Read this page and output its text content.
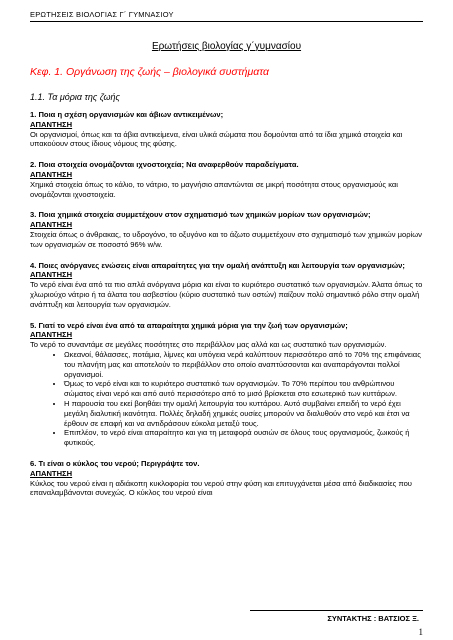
ΕΡΩΤΗΣΕΙΣ ΒΙΟΛΟΓΙΑΣ Γ΄ ΓΥΜΝΑΣΙΟΥ
Ερωτήσεις βιολογίας γ΄γυμνασίου
Κεφ. 1. Οργάνωση της ζωής – βιολογικά συστήματα
1.1. Τα μόρια της ζωής
1. Ποια η σχέση οργανισμών και άβιων αντικειμένων;
ΑΠΑΝΤΗΣΗ
Οι οργανισμοί, όπως και τα άβια αντικείμενα, είναι υλικά σώματα που δομούνται από τα ίδια χημικά στοιχεία και υπακούουν στους ίδιους νόμους της φύσης.
2. Ποια στοιχεία ονομάζονται ιχνοστοιχεία; Να αναφερθούν παραδείγματα.
ΑΠΑΝΤΗΣΗ
Χημικά στοιχεία όπως το κάλιο, το νάτριο, το μαγνήσιο απαντώνται σε μικρή ποσότητα στους οργανισμούς και ονομάζονται ιχνοστοιχεία.
3. Ποια χημικά στοιχεία συμμετέχουν στον σχηματισμό των χημικών μορίων των οργανισμών;
ΑΠΑΝΤΗΣΗ
Στοιχεία όπως ο άνθρακας, το υδρογόνο, το οξυγόνο και το άζωτο συμμετέχουν στο σχηματισμό των χημικών μορίων των οργανισμών σε ποσοστό 96% w/w.
4. Ποιες ανόργανες ενώσεις είναι απαραίτητες για την ομαλή ανάπτυξη και λειτουργία των οργανισμών;
ΑΠΑΝΤΗΣΗ
Το νερό είναι ένα από τα πιο απλά ανόργανα μόρια και είναι το κυριότερο συστατικό των οργανισμών. Άλατα όπως το χλωριούχο νάτριο ή τα άλατα του ασβεστίου (κύριο συστατικό των οστών) παίζουν πολύ σημαντικό ρόλο στην ομαλή ανάπτυξη και λειτουργία των οργανισμών.
5. Γιατί το νερό είναι ένα από τα απαραίτητα χημικά μόρια για την ζωή των οργανισμών;
ΑΠΑΝΤΗΣΗ
Το νερό το συναντάμε σε μεγάλες ποσότητες στο περιβάλλον μας αλλά και ως συστατικό των οργανισμών.
• Ωκεανοί, θάλασσες, ποτάμια, λίμνες και υπόγεια νερά καλύπτουν περισσότερο από το 70% της επιφάνειας του πλανήτη μας και αποτελούν το περιβάλλον στο οποίο αναπτύσσονται και αναπαράγονται πολλοί οργανισμοί.
• Όμως το νερό είναι και το κυριότερο συστατικό των οργανισμών. Το 70% περίπου του ανθρώπινου σώματος είναι νερό και από αυτό περισσότερο από το μισό βρίσκεται στο εσωτερικό των κυττάρων.
• Η παρουσία του εκεί βοηθάει την ομαλή λειτουργία του κυττάρου. Αυτό συμβαίνει επειδή το νερό έχει μεγάλη διαλυτική ικανότητα. Πολλές δηλαδή χημικές ουσίες μπορούν να διαλυθούν στο νερό και έτσι να έρθουν σε επαφή και να αντιδράσουν εύκολα μεταξύ τους.
• Επιπλέον, το νερό είναι απαραίτητο και για τη μεταφορά ουσιών σε όλους τους οργανισμούς, ζωικούς ή φυτικούς.
6. Τι είναι ο κύκλος του νερού; Περιγράψτε τον.
ΑΠΑΝΤΗΣΗ
Κύκλος του νερού είναι η αδιάκοπη κυκλοφορία του νερού στην φύση και επιτυγχάνεται μέσα από διαδικασίες που επαναλαμβάνονται συνεχώς. Ο κύκλος του νερού είναι
ΣΥΝΤΑΚΤΗΣ : ΒΑΤΣΙΟΣ Ξ.
1
